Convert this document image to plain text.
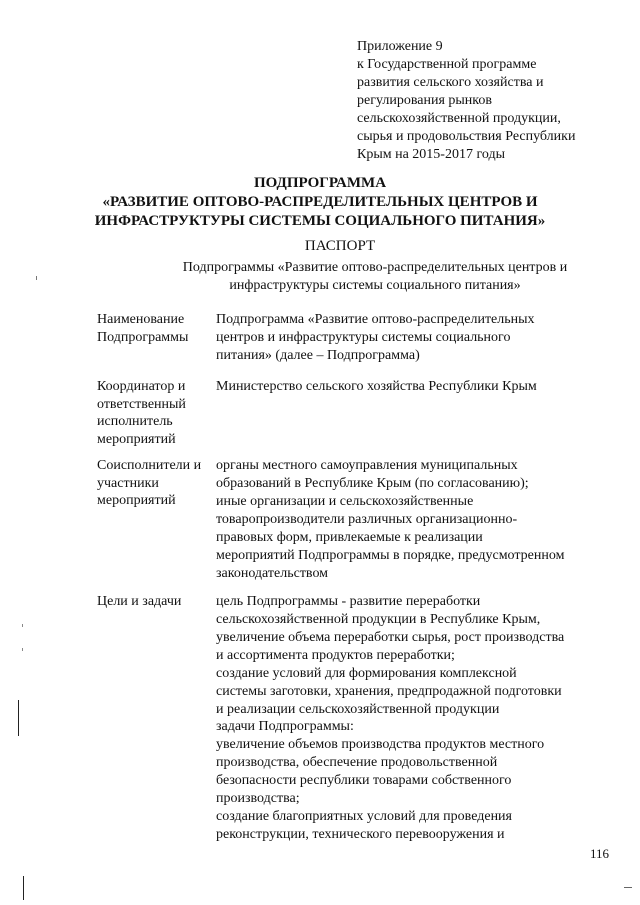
Приложение 9
к Государственной программе
развития сельского хозяйства и
регулирования рынков
сельскохозяйственной продукции,
сырья и продовольствия Республики
Крым на 2015-2017 годы
ПОДПРОГРАММА
«РАЗВИТИЕ ОПТОВО-РАСПРЕДЕЛИТЕЛЬНЫХ ЦЕНТРОВ И
ИНФРАСТРУКТУРЫ СИСТЕМЫ СОЦИАЛЬНОГО ПИТАНИЯ»
ПАСПОРТ
Подпрограммы «Развитие оптово-распределительных центров и
инфраструктуры системы социального питания»
Наименование
Подпрограммы
Подпрограмма «Развитие оптово-распределительных
центров и инфраструктуры системы социального
питания» (далее – Подпрограмма)
Координатор и
ответственный
исполнитель
мероприятий
Министерство сельского хозяйства Республики Крым
Соисполнители и
участники
мероприятий
органы местного самоуправления муниципальных
образований в Республике Крым (по согласованию);
иные организации и сельскохозяйственные
товаропроизводители различных организационно-
правовых форм, привлекаемые к реализации
мероприятий Подпрограммы в порядке, предусмотренном
законодательством
Цели и задачи цель Подпрограммы - развитие переработки
сельскохозяйственной продукции в Республике Крым,
увеличение объема переработки сырья, рост производства
и ассортимента продуктов переработки;
создание условий для формирования комплексной
системы заготовки, хранения, предпродажной подготовки
и реализации сельскохозяйственной продукции
задачи Подпрограммы:
увеличение объемов производства продуктов местного
производства, обеспечение продовольственной
безопасности республики товарами собственного
производства;
создание благоприятных условий для проведения
реконструкции, технического перевооружения и
116
